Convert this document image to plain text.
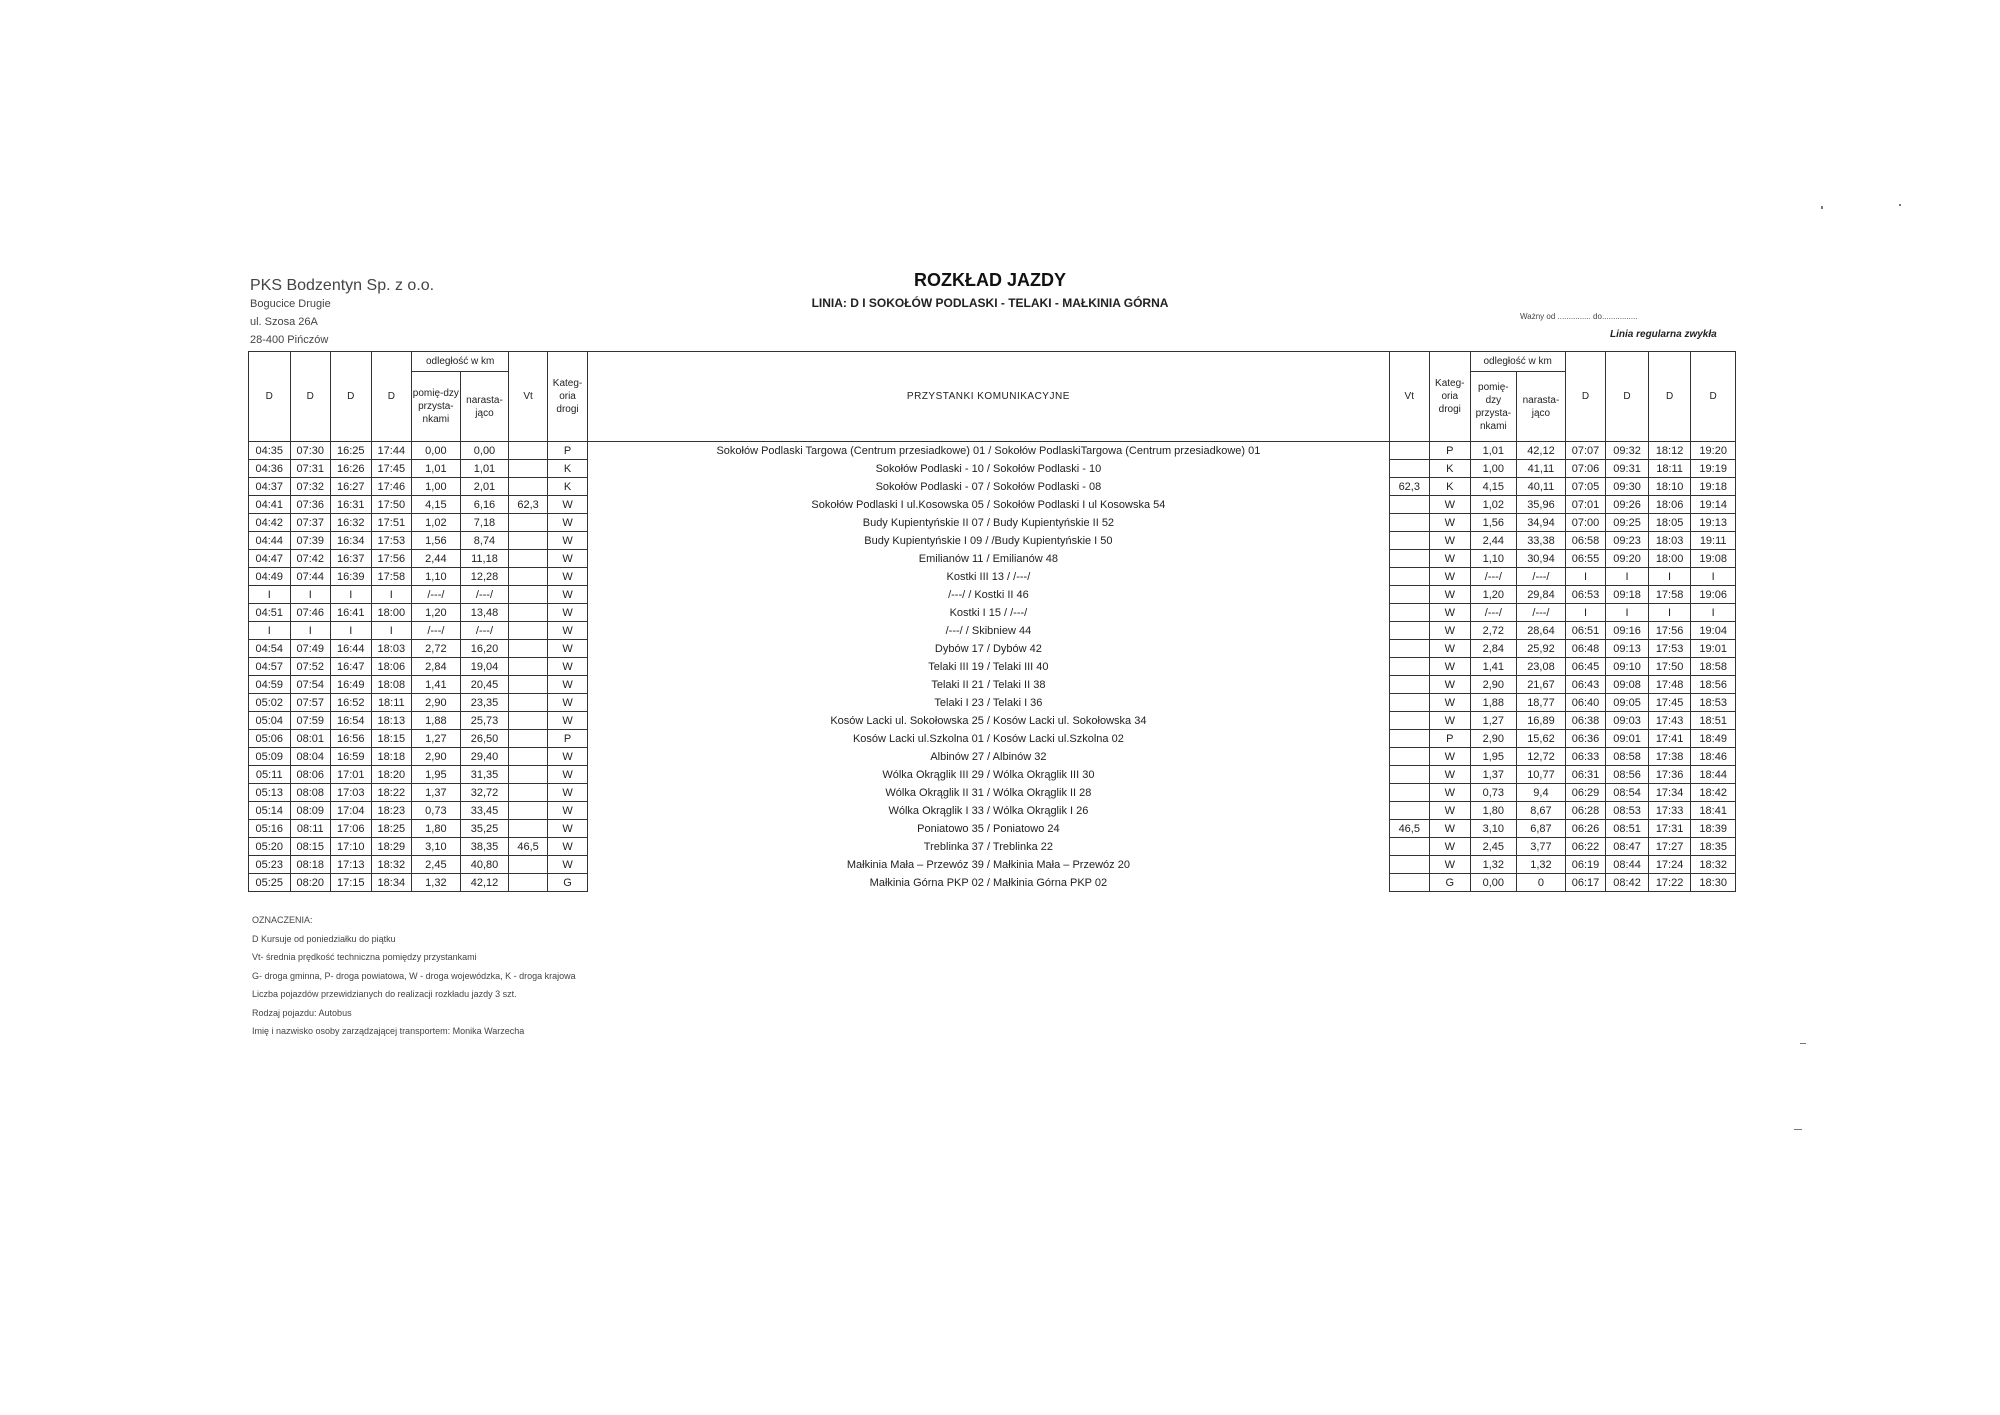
PKS Bodzentyn Sp. z o.o.
Bogucice Drugie
ul. Szosa 26A
28-400 Pińczów
ROZKŁAD JAZDY
LINIA: D I SOKOŁÓW PODLASKI - TELAKI - MAŁKINIA GÓRNA
Ważny od ............... do................
Linia regularna zwykła
D	D	D	D	odległość w km		Vt	Kateg-oria drogi	PRZYSTANKI KOMUNIKACYJNE	Vt	Kateg-oria drogi	odległość w km		D	D	D	D
				pomię-dzy przysta-nkami	narasta-jąco						pomię-dzy przysta-nkami	narasta-jąco				
04:35	07:30	16:25	17:44	0,00	0,00		P	Sokołów Podlaski Targowa (Centrum przesiadkowe) 01 / Sokołów PodlaskiTargowa (Centrum przesiadkowe) 01		P	1,01	42,12	07:07	09:32	18:12	19:20
04:36	07:31	16:26	17:45	1,01	1,01		K	Sokołów Podlaski - 10 / Sokołów Podlaski - 10		K	1,00	41,11	07:06	09:31	18:11	19:19
04:37	07:32	16:27	17:46	1,00	2,01		K	Sokołów Podlaski - 07 / Sokołów Podlaski - 08	62,3	K	4,15	40,11	07:05	09:30	18:10	19:18
04:41	07:36	16:31	17:50	4,15	6,16	62,3	W	Sokołów Podlaski I ul.Kosowska 05 / Sokołów Podlaski I ul Kosowska 54		W	1,02	35,96	07:01	09:26	18:06	19:14
04:42	07:37	16:32	17:51	1,02	7,18		W	Budy Kupientyńskie II 07 / Budy Kupientyńskie II 52		W	1,56	34,94	07:00	09:25	18:05	19:13
04:44	07:39	16:34	17:53	1,56	8,74		W	Budy Kupientyńskie I 09 / /Budy Kupientyńskie I 50		W	2,44	33,38	06:58	09:23	18:03	19:11
04:47	07:42	16:37	17:56	2,44	11,18		W	Emilianów 11 / Emilianów 48		W	1,10	30,94	06:55	09:20	18:00	19:08
04:49	07:44	16:39	17:58	1,10	12,28		W	Kostki III 13 / /---/		W	/---/	/---/	I	I	I	I
I	I	I	I	/---/	/---/		W	/---/ / Kostki II 46		W	1,20	29,84	06:53	09:18	17:58	19:06
04:51	07:46	16:41	18:00	1,20	13,48		W	Kostki I 15 / /---/		W	/---/	/---/	I	I	I	I
I	I	I	I	/---/	/---/		W	/---/ / Skibniew 44		W	2,72	28,64	06:51	09:16	17:56	19:04
04:54	07:49	16:44	18:03	2,72	16,20		W	Dybów 17 / Dybów 42		W	2,84	25,92	06:48	09:13	17:53	19:01
04:57	07:52	16:47	18:06	2,84	19,04		W	Telaki III 19 / Telaki III 40		W	1,41	23,08	06:45	09:10	17:50	18:58
04:59	07:54	16:49	18:08	1,41	20,45		W	Telaki II 21 / Telaki II 38		W	2,90	21,67	06:43	09:08	17:48	18:56
05:02	07:57	16:52	18:11	2,90	23,35		W	Telaki I 23 / Telaki I 36		W	1,88	18,77	06:40	09:05	17:45	18:53
05:04	07:59	16:54	18:13	1,88	25,73		W	Kosów Lacki ul. Sokołowska 25 / Kosów Lacki ul. Sokołowska 34		W	1,27	16,89	06:38	09:03	17:43	18:51
05:06	08:01	16:56	18:15	1,27	26,50		P	Kosów Lacki ul.Szkolna 01 / Kosów Lacki ul.Szkolna 02		P	2,90	15,62	06:36	09:01	17:41	18:49
05:09	08:04	16:59	18:18	2,90	29,40		W	Albinów 27 / Albinów 32		W	1,95	12,72	06:33	08:58	17:38	18:46
05:11	08:06	17:01	18:20	1,95	31,35		W	Wólka Okrąglik III 29 / Wólka Okrąglik III 30		W	1,37	10,77	06:31	08:56	17:36	18:44
05:13	08:08	17:03	18:22	1,37	32,72		W	Wólka Okrąglik II 31 / Wólka Okrąglik II 28		W	0,73	9,4	06:29	08:54	17:34	18:42
05:14	08:09	17:04	18:23	0,73	33,45		W	Wólka Okrąglik I 33 / Wólka Okrąglik I 26		W	1,80	8,67	06:28	08:53	17:33	18:41
05:16	08:11	17:06	18:25	1,80	35,25		W	Poniatowo 35 / Poniatowo 24	46,5	W	3,10	6,87	06:26	08:51	17:31	18:39
05:20	08:15	17:10	18:29	3,10	38,35	46,5	W	Treblinka 37 / Treblinka 22		W	2,45	3,77	06:22	08:47	17:27	18:35
05:23	08:18	17:13	18:32	2,45	40,80		W	Małkinia Mała – Przewóz 39 / Małkinia Mała – Przewóz 20		W	1,32	1,32	06:19	08:44	17:24	18:32
05:25	08:20	17:15	18:34	1,32	42,12		G	Małkinia Górna PKP 02 / Małkinia Górna PKP 02		G	0,00	0	06:17	08:42	17:22	18:30
OZNACZENIA:
D Kursuje od poniedziałku do piątku
Vt- średnia prędkość techniczna pomiędzy przystankami
G- droga gminna, P- droga powiatowa, W - droga wojewódzka, K - droga krajowa
Liczba pojazdów przewidzianych do realizacji rozkładu jazdy 3 szt.
Rodzaj pojazdu: Autobus
Imię i nazwisko osoby zarządzającej transportem: Monika Warzecha
